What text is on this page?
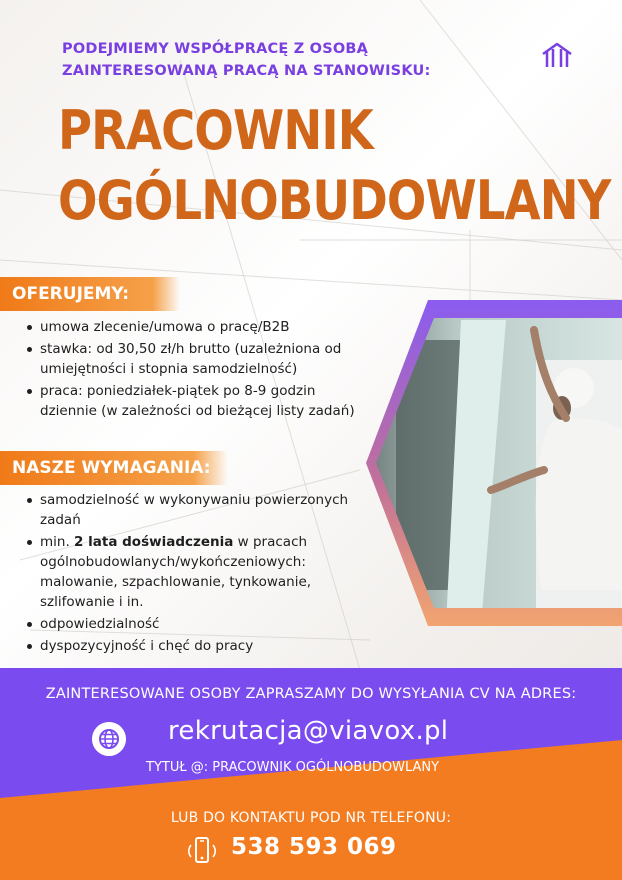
PODEJMIEMY WSPÓŁPRACĘ Z OSOBĄ
ZAINTERESOWANĄ PRACĄ NA STANOWISKU:
PRACOWNIK
OGÓLNOBUDOWLANY
OFERUJEMY:
umowa zlecenie/umowa o pracę/B2B
stawka: od 30,50 zł/h brutto (uzależniona od umiejętności i stopnia samodzielność)
praca: poniedziałek-piątek po 8-9 godzin dziennie (w zależności od bieżącej listy zadań)
NASZE WYMAGANIA:
samodzielność w wykonywaniu powierzonych zadań
min. 2 lata doświadczenia w pracach ogólnobudowlanych/wykończeniowych: malowanie, szpachlowanie, tynkowanie, szlifowanie i in.
odpowiedzialność
dyspozycyjność i chęć do pracy
ZAINTERESOWANE OSOBY ZAPRASZAMY DO WYSYŁANIA CV NA ADRES:
rekrutacja@viavox.pl
TYTUŁ @: PRACOWNIK OGÓLNOBUDOWLANY
LUB DO KONTAKTU POD NR TELEFONU:
538 593 069
